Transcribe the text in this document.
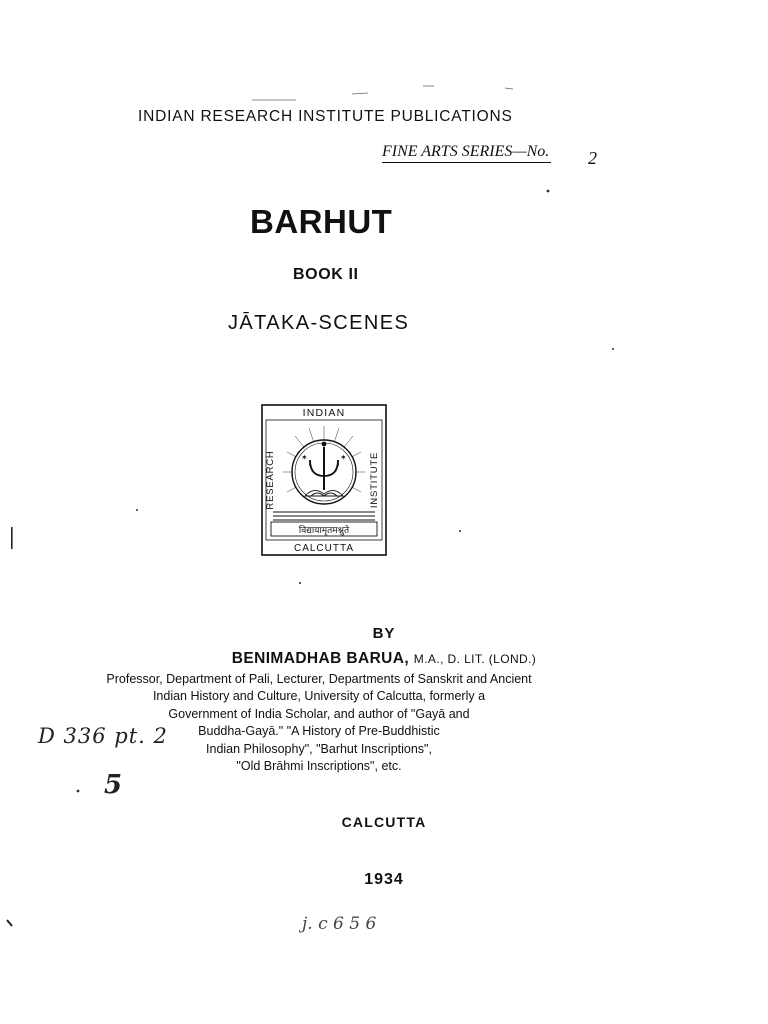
INDIAN RESEARCH INSTITUTE PUBLICATIONS
FINE ARTS SERIES—No. 2
BARHUT
BOOK II
JĀTAKA-SCENES
INDIAN
RESEARCH	INSTITUTE
✶	✶
विद्यायामृतमश्नुते
CALCUTTA
BY
BENIMADHAB BARUA, M.A., D. LIT. (LOND.)
Professor, Department of Pali, Lecturer, Departments of Sanskrit and Ancient
Indian History and Culture, University of Calcutta, formerly a
Government of India Scholar, and author of "Gayā and
Buddha-Gayā." "A History of Pre-Buddhistic
Indian Philosophy", "Barhut Inscriptions",
"Old Brāhmi Inscriptions", etc.
CALCUTTA
1934
D 336 pt. 2
5
j. c 6 5 6
